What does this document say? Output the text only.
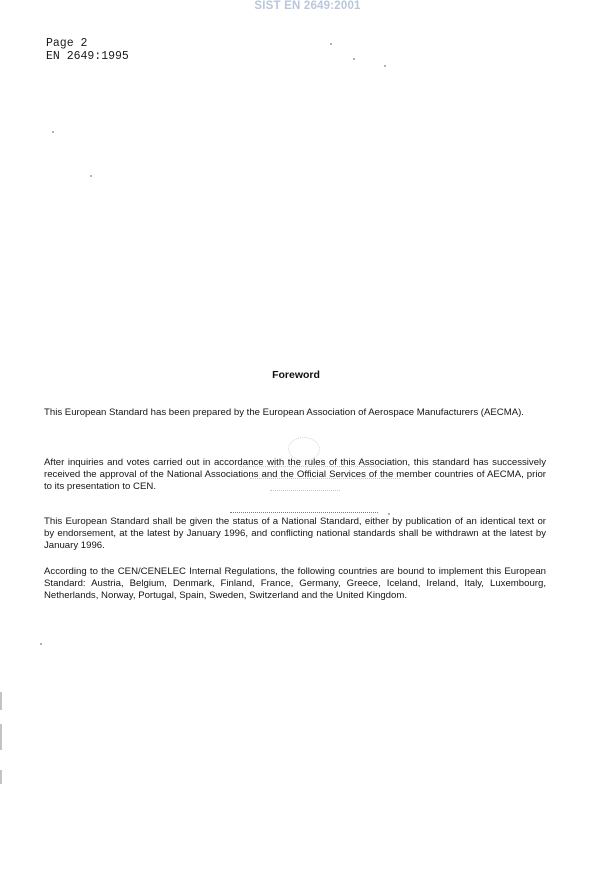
SIST EN 2649:2001
Page 2
EN 2649:1995
Foreword
This European Standard has been prepared by the European Association of Aerospace Manufacturers (AECMA).
After inquiries and votes carried out in accordance with the rules of this Association, this standard has successively received the approval of the National Associations and the Official Services of the member countries of AECMA, prior to its presentation to CEN.
This European Standard shall be given the status of a National Standard, either by publication of an identical text or by endorsement, at the latest by January 1996, and conflicting national standards shall be withdrawn at the latest by January 1996.
According to the CEN/CENELEC Internal Regulations, the following countries are bound to implement this European Standard: Austria, Belgium, Denmark, Finland, France, Germany, Greece, Iceland, Ireland, Italy, Luxembourg, Netherlands, Norway, Portugal, Spain, Sweden, Switzerland and the United Kingdom.
